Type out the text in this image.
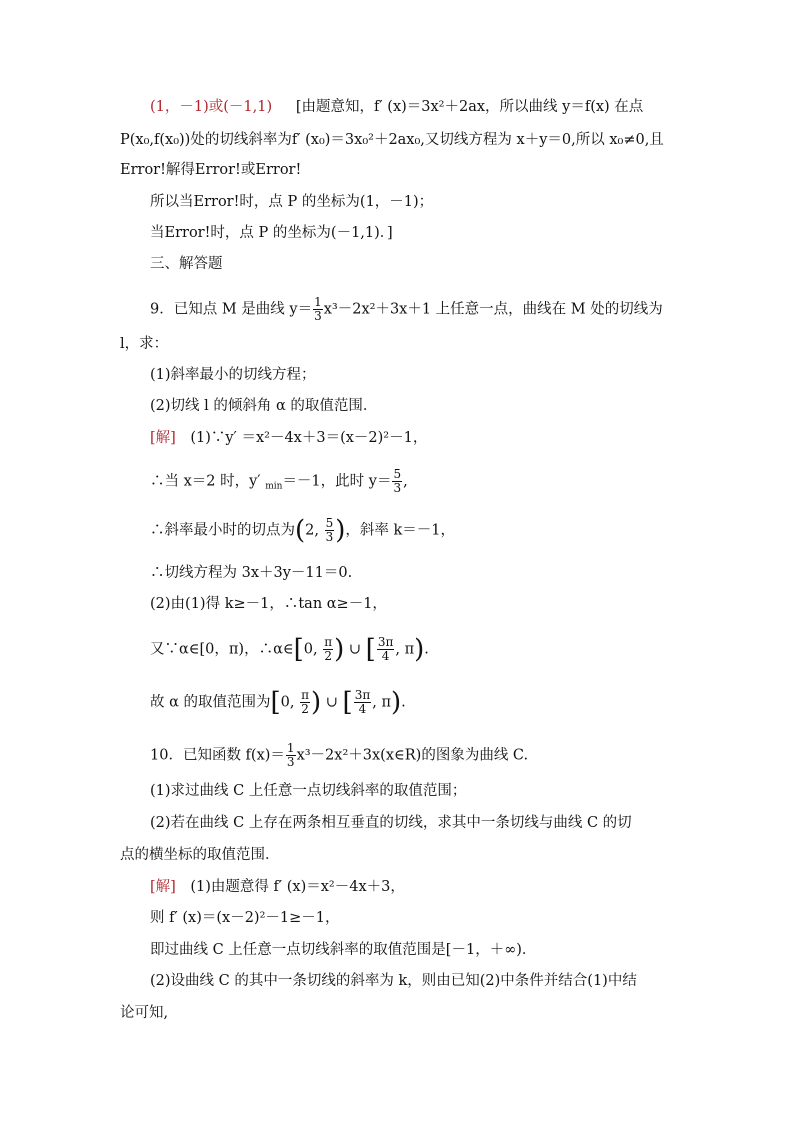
(1，－1)或(－1,1) 　 [由题意知，f′ (x)＝3x²＋2ax，所以曲线 y＝f(x) 在点
P(x₀,f(x₀))处的切线斜率为f′ (x₀)＝3x₀²＋2ax₀,又切线方程为 x＋y＝0,所以 x₀≠0,且
Error!解得Error!或Error!
所以当Error!时，点 P 的坐标为(1，－1)；
当Error!时，点 P 的坐标为(－1,1)．]
三、解答题
9．已知点 M 是曲线 $y= \frac{1}{3} x^3-2x^2+3x+1$ 上任意一点，曲线在 M 处的切线为
l，求：
(1)斜率最小的切线方程；
(2)切线 l 的倾斜角 α 的取值范围．
[解]　 (1)∵y′ ＝x²－4x＋3＝(x－2)²－1，
∴当 x＝2 时，y′ $_{min}$＝－1，此时 $y= \frac{5}{3}$ ,
∴斜率最小时的切点为(2, $\frac{5}{3}$ )，斜率 k＝－1，
∴切线方程为 3x＋3y－11＝0.
(2)由(1)得 k≥－1，∴tan α≥－1，
又∵α∈[0，π)，∴α∈[0, $\frac{\pi}{2}$ ) ∪ [ $\frac{3\pi}{4}$ , π).
故 α 的取值范围为[0, $\frac{\pi}{2}$ ) ∪ [ $\frac{3\pi}{4}$ , π).
10．已知函数 $f(x)= \frac{1}{3}$ x³－2x²＋3x(x∈R)的图象为曲线 C.
(1)求过曲线 C 上任意一点切线斜率的取值范围；
(2)若在曲线 C 上存在两条相互垂直的切线，求其中一条切线与曲线 C 的切
点的横坐标的取值范围．
[解]　 (1)由题意得 f′ (x)＝x²－4x＋3，
则 f′ (x)＝(x－2)²－1≥－1，
即过曲线 C 上任意一点切线斜率的取值范围是[－1，＋∞)．
(2)设曲线 C 的其中一条切线的斜率为 k，则由已知(2)中条件并结合(1)中结
论可知,
